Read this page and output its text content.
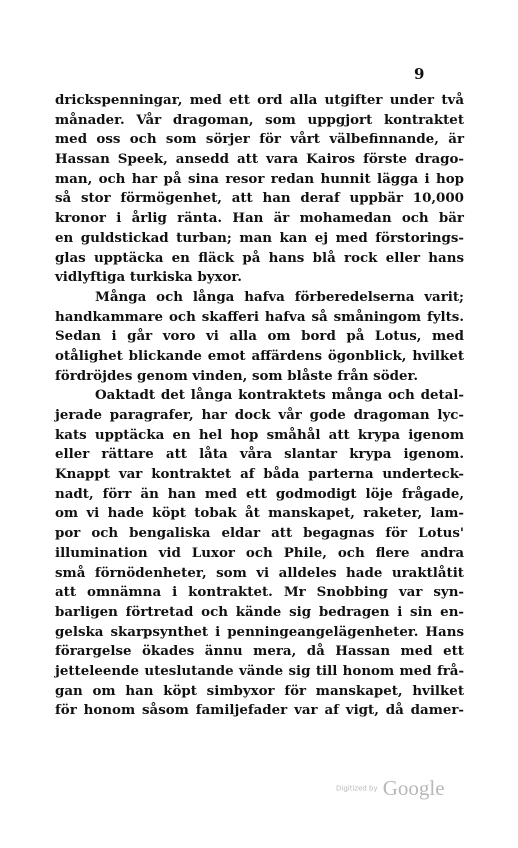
9
drickspenningar, med ett ord alla utgifter under två
månader. Vår dragoman, som uppgjort kontraktet
med oss och som sörjer för vårt välbefinnande, är
Hassan Speek, ansedd att vara Kairos förste drago-
man, och har på sina resor redan hunnit lägga i hop
så stor förmögenhet, att han deraf uppbär 10,000
kronor i årlig ränta. Han är mohamedan och bär
en guldstickad turban; man kan ej med förstorings-
glas upptäcka en fläck på hans blå rock eller hans
vidlyftiga turkiska byxor.
Många och långa hafva förberedelserna varit;
handkammare och skafferi hafva så småningom fylts.
Sedan i går voro vi alla om bord på Lotus, med
otålighet blickande emot affärdens ögonblick, hvilket
fördröjdes genom vinden, som blåste från söder.
Oaktadt det långa kontraktets många och detal-
jerade paragrafer, har dock vår gode dragoman lyc-
kats upptäcka en hel hop småhål att krypa igenom
eller rättare att låta våra slantar krypa igenom.
Knappt var kontraktet af båda parterna underteck-
nadt, förr än han med ett godmodigt löje frågade,
om vi hade köpt tobak åt manskapet, raketer, lam-
por och bengaliska eldar att begagnas för Lotus'
illumination vid Luxor och Phile, och flere andra
små förnödenheter, som vi alldeles hade uraktlåtit
att omnämna i kontraktet. Mr Snobbing var syn-
barligen förtretad och kände sig bedragen i sin en-
gelska skarpsynthet i penningeangelägenheter. Hans
förargelse ökades ännu mera, då Hassan med ett
jetteleende uteslutande vände sig till honom med frå-
gan om han köpt simbyxor för manskapet, hvilket
för honom såsom familjefader var af vigt, då damer-
Digitized by Google
